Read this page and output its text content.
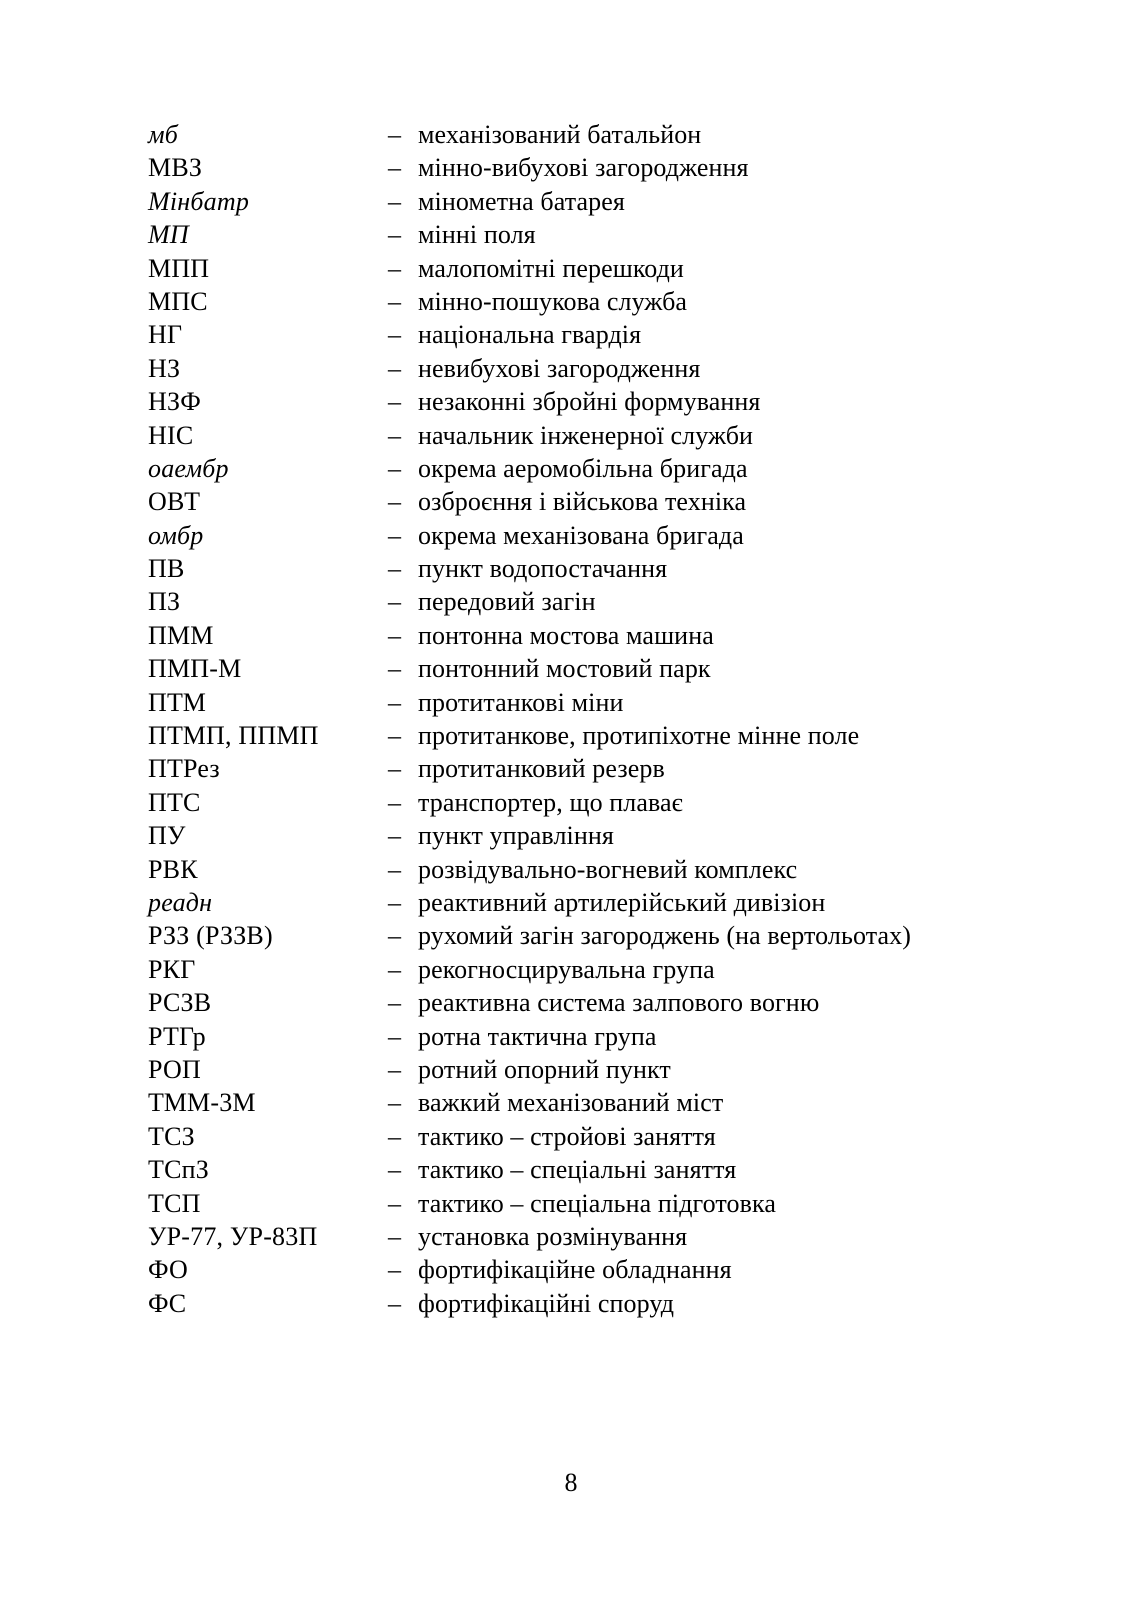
мб	– механізований батальйон
МВЗ	– мінно-вибухові загородження
Мінбатр	– мінометна батарея
МП	– мінні поля
МПП	– малопомітні перешкоди
МПС	– мінно-пошукова служба
НГ	– національна гвардія
НЗ	– невибухові загородження
НЗФ	– незаконні збройні формування
НІС	– начальник інженерної служби
оаембр	– окрема аеромобільна бригада
ОВТ	– озброєння і військова техніка
омбр	– окрема механізована бригада
ПВ	– пункт водопостачання
ПЗ	– передовий загін
ПММ	– понтонна мостова машина
ПМП-М	– понтонний мостовий парк
ПТМ	– протитанкові міни
ПТМП, ППМП	– протитанкове, протипіхотне мінне поле
ПТРез	– протитанковий резерв
ПТС	– транспортер, що плаває
ПУ	– пункт управління
РВК	– розвідувально-вогневий комплекс
реадн	– реактивний артилерійський дивізіон
РЗЗ (РЗЗВ)	– рухомий загін загороджень (на вертольотах)
РКГ	– рекогносцирувальна група
РСЗВ	– реактивна система залпового вогню
РТГр	– ротна тактична група
РОП	– ротний опорний пункт
ТММ-3М	– важкий механізований міст
ТСЗ	– тактико – стройові заняття
ТСпЗ	– тактико – спеціальні заняття
ТСП	– тактико – спеціальна підготовка
УР-77, УР-83П	– установка розмінування
ФО	– фортифікаційне обладнання
ФС	– фортифікаційні споруд
8
